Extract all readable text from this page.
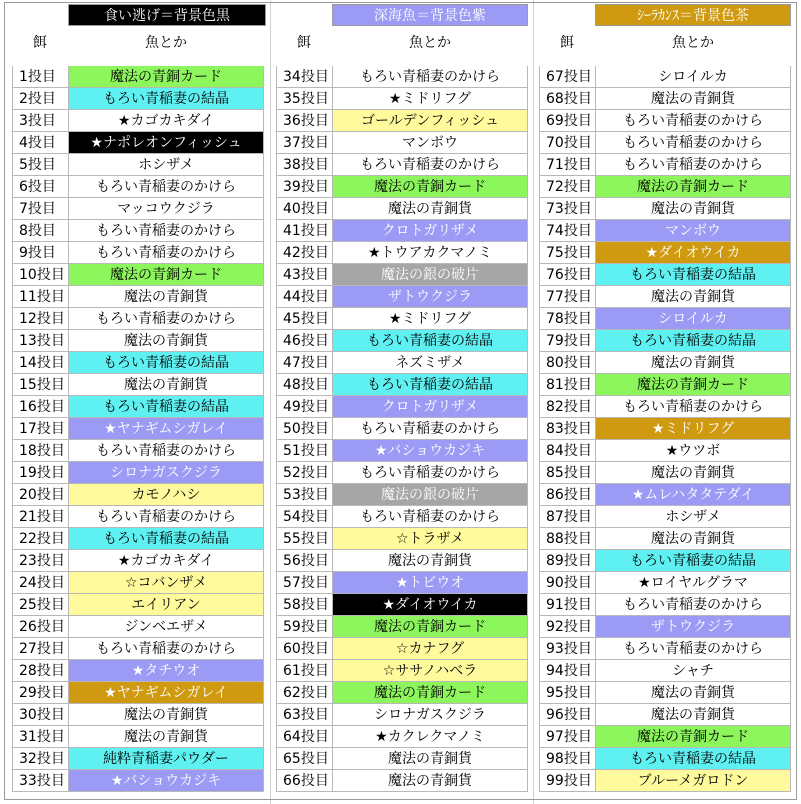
食い逃げ＝背景色黒
餌	魚とか
1投目	魔法の青銅カード
2投目	もろい青稲妻の結晶
3投目	★カゴカキダイ
4投目	★ナポレオンフィッシュ
5投目	ホシザメ
6投目	もろい青稲妻のかけら
7投目	マッコウクジラ
8投目	もろい青稲妻のかけら
9投目	もろい青稲妻のかけら
10投目	魔法の青銅カード
11投目	魔法の青銅貨
12投目	もろい青稲妻のかけら
13投目	魔法の青銅貨
14投目	もろい青稲妻の結晶
15投目	魔法の青銅貨
16投目	もろい青稲妻の結晶
17投目	★ヤナギムシガレイ
18投目	もろい青稲妻のかけら
19投目	シロナガスクジラ
20投目	カモノハシ
21投目	もろい青稲妻のかけら
22投目	もろい青稲妻の結晶
23投目	★カゴカキダイ
24投目	☆コバンザメ
25投目	エイリアン
26投目	ジンベエザメ
27投目	もろい青稲妻のかけら
28投目	★タチウオ
29投目	★ヤナギムシガレイ
30投目	魔法の青銅貨
31投目	魔法の青銅貨
32投目	純粋青稲妻パウダー
33投目	★バショウカジキ
深海魚＝背景色紫
餌	魚とか
34投目	もろい青稲妻のかけら
35投目	★ミドリフグ
36投目	ゴールデンフィッシュ
37投目	マンボウ
38投目	もろい青稲妻のかけら
39投目	魔法の青銅カード
40投目	魔法の青銅貨
41投目	クロトガリザメ
42投目	★トウアカクマノミ
43投目	魔法の銀の破片
44投目	ザトウクジラ
45投目	★ミドリフグ
46投目	もろい青稲妻の結晶
47投目	ネズミザメ
48投目	もろい青稲妻の結晶
49投目	クロトガリザメ
50投目	もろい青稲妻のかけら
51投目	★バショウカジキ
52投目	もろい青稲妻のかけら
53投目	魔法の銀の破片
54投目	もろい青稲妻のかけら
55投目	☆トラザメ
56投目	魔法の青銅貨
57投目	★トビウオ
58投目	★ダイオウイカ
59投目	魔法の青銅カード
60投目	☆カナフグ
61投目	☆ササノハベラ
62投目	魔法の青銅カード
63投目	シロナガスクジラ
64投目	★カクレクマノミ
65投目	魔法の青銅貨
66投目	魔法の青銅貨
ｼｰﾗｶﾝｽ＝背景色茶
餌	魚とか
67投目	シロイルカ
68投目	魔法の青銅貨
69投目	もろい青稲妻のかけら
70投目	もろい青稲妻のかけら
71投目	もろい青稲妻のかけら
72投目	魔法の青銅カード
73投目	魔法の青銅貨
74投目	マンボウ
75投目	★ダイオウイカ
76投目	もろい青稲妻の結晶
77投目	魔法の青銅貨
78投目	シロイルカ
79投目	もろい青稲妻の結晶
80投目	魔法の青銅貨
81投目	魔法の青銅カード
82投目	もろい青稲妻のかけら
83投目	★ミドリフグ
84投目	★ウツボ
85投目	魔法の青銅貨
86投目	★ムレハタタテダイ
87投目	ホシザメ
88投目	魔法の青銅貨
89投目	もろい青稲妻の結晶
90投目	★ロイヤルグラマ
91投目	もろい青稲妻のかけら
92投目	ザトウクジラ
93投目	もろい青稲妻のかけら
94投目	シャチ
95投目	魔法の青銅貨
96投目	魔法の青銅貨
97投目	魔法の青銅カード
98投目	もろい青稲妻の結晶
99投目	ブルーメガロドン
